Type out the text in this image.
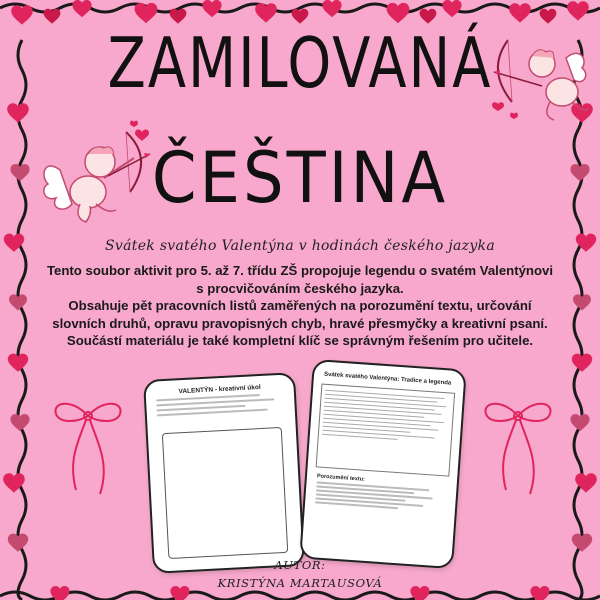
ZAMILOVANÁ
ČEŠTINA
Svátek svatého Valentýna v hodinách českého jazyka

Tento soubor aktivit pro 5. až 7. třídu ZŠ propojuje legendu o svatém Valentýnovi

s procvičováním českého jazyka.

Obsahuje pět pracovních listů zaměřených na porozumění textu, určování

slovních druhů, opravu pravopisných chyb, hravé přesmyčky a kreativní psaní.

Součástí materiálu je také kompletní klíč se správným řešením pro učitele.

VALENTÝN - kreativní úkol
Svátek svatého Valentýna: Tradice a legenda
Porozumění textu:
AUTOR:
KRISTÝNA MARTAUSOVÁ
